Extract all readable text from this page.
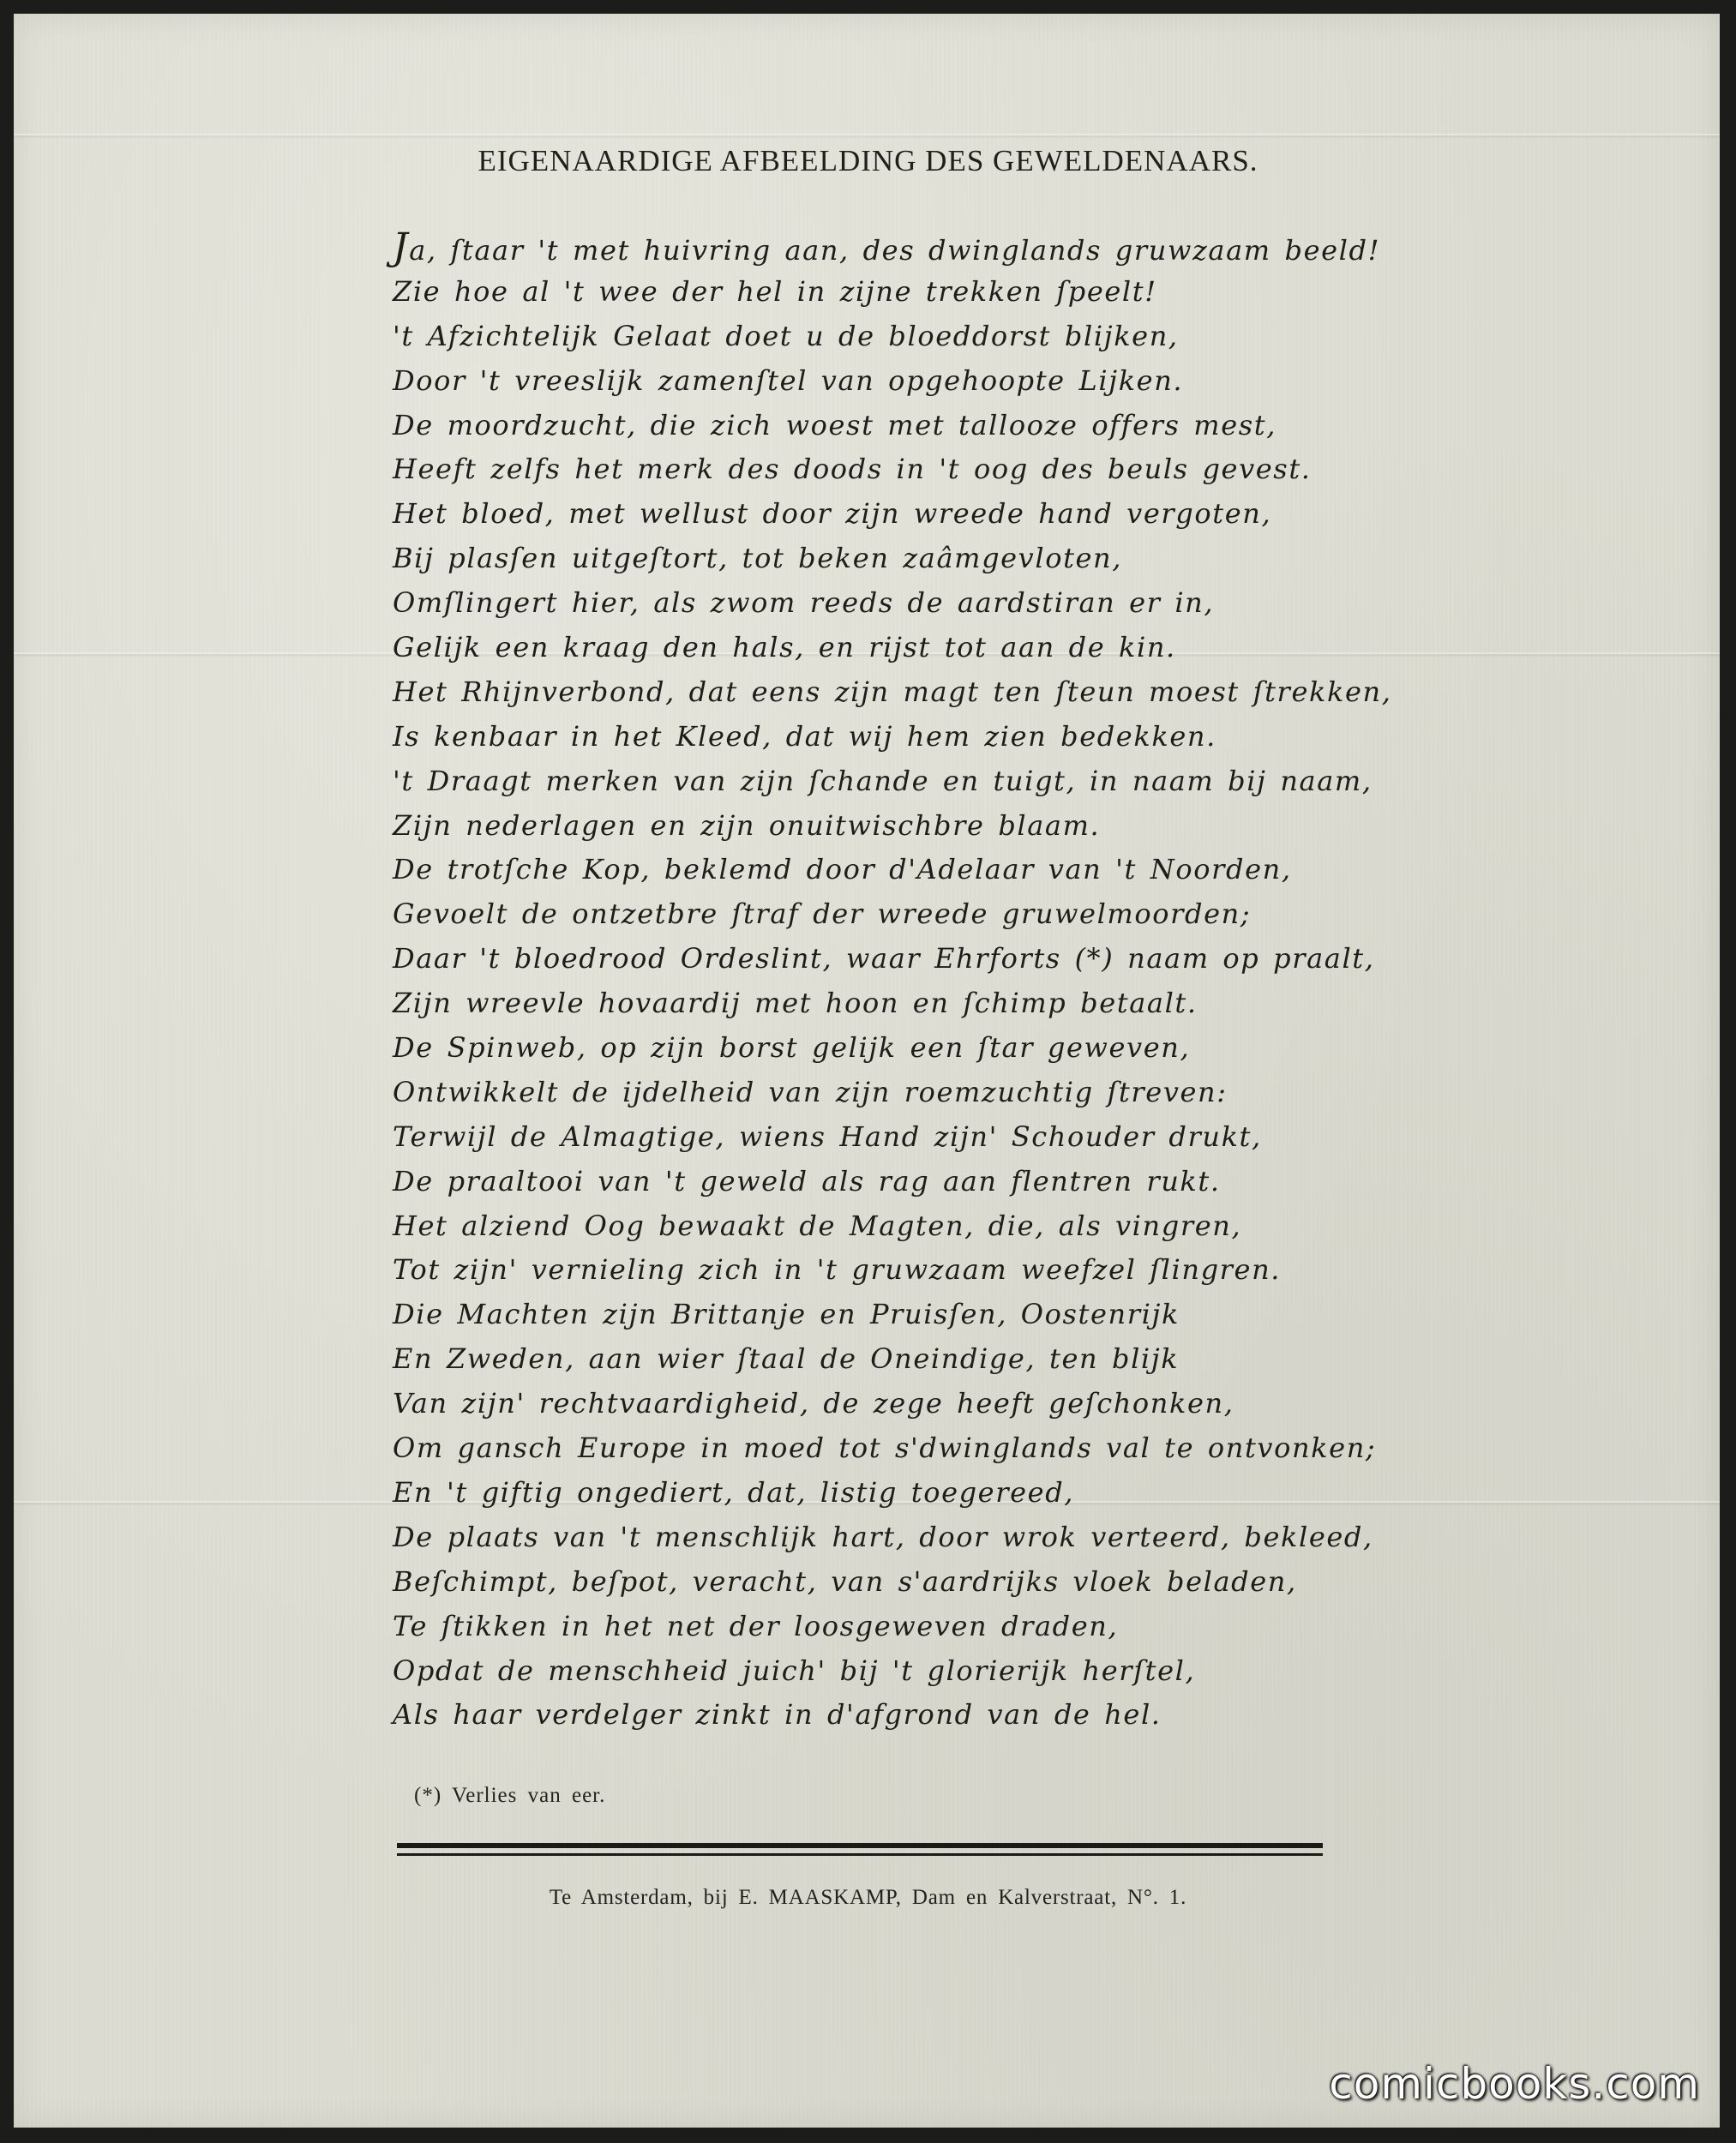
EIGENAARDIGE AFBEELDING DES GEWELDENAARS.
Ja, ſtaar 't met huivring aan, des dwinglands gruwzaam beeld!
Zie hoe al 't wee der hel in zijne trekken ſpeelt!
't Afzichtelijk Gelaat doet u de bloeddorst blijken,
Door 't vreeslijk zamenſtel van opgehoopte Lijken.
De moordzucht, die zich woest met tallooze offers mest,
Heeft zelfs het merk des doods in 't oog des beuls gevest.
Het bloed, met wellust door zijn wreede hand vergoten,
Bij plasſen uitgeſtort, tot beken zaâmgevloten,
Omſlingert hier, als zwom reeds de aardstiran er in,
Gelijk een kraag den hals, en rijst tot aan de kin.
Het Rhijnverbond, dat eens zijn magt ten ſteun moest ſtrekken,
Is kenbaar in het Kleed, dat wij hem zien bedekken.
't Draagt merken van zijn ſchande en tuigt, in naam bij naam,
Zijn nederlagen en zijn onuitwischbre blaam.
De trotſche Kop, beklemd door d'Adelaar van 't Noorden,
Gevoelt de ontzetbre ſtraf der wreede gruwelmoorden;
Daar 't bloedrood Ordeslint, waar Ehrforts (*) naam op praalt,
Zijn wreevle hovaardij met hoon en ſchimp betaalt.
De Spinweb, op zijn borst gelijk een ſtar geweven,
Ontwikkelt de ijdelheid van zijn roemzuchtig ſtreven:
Terwijl de Almagtige, wiens Hand zijn' Schouder drukt,
De praaltooi van 't geweld als rag aan flentren rukt.
Het alziend Oog bewaakt de Magten, die, als vingren,
Tot zijn' vernieling zich in 't gruwzaam weefzel ſlingren.
Die Machten zijn Brittanje en Pruisſen, Oostenrijk
En Zweden, aan wier ſtaal de Oneindige, ten blijk
Van zijn' rechtvaardigheid, de zege heeft geſchonken,
Om gansch Europe in moed tot s'dwinglands val te ontvonken;
En 't giftig ongediert, dat, listig toegereed,
De plaats van 't menschlijk hart, door wrok verteerd, bekleed,
Beſchimpt, beſpot, veracht, van s'aardrijks vloek beladen,
Te ſtikken in het net der loosgeweven draden,
Opdat de menschheid juich' bij 't glorierijk herſtel,
Als haar verdelger zinkt in d'afgrond van de hel.

(*) Verlies van eer.

Te Amsterdam, bij E. MAASKAMP, Dam en Kalverstraat, N°. 1.

comicbooks.com
